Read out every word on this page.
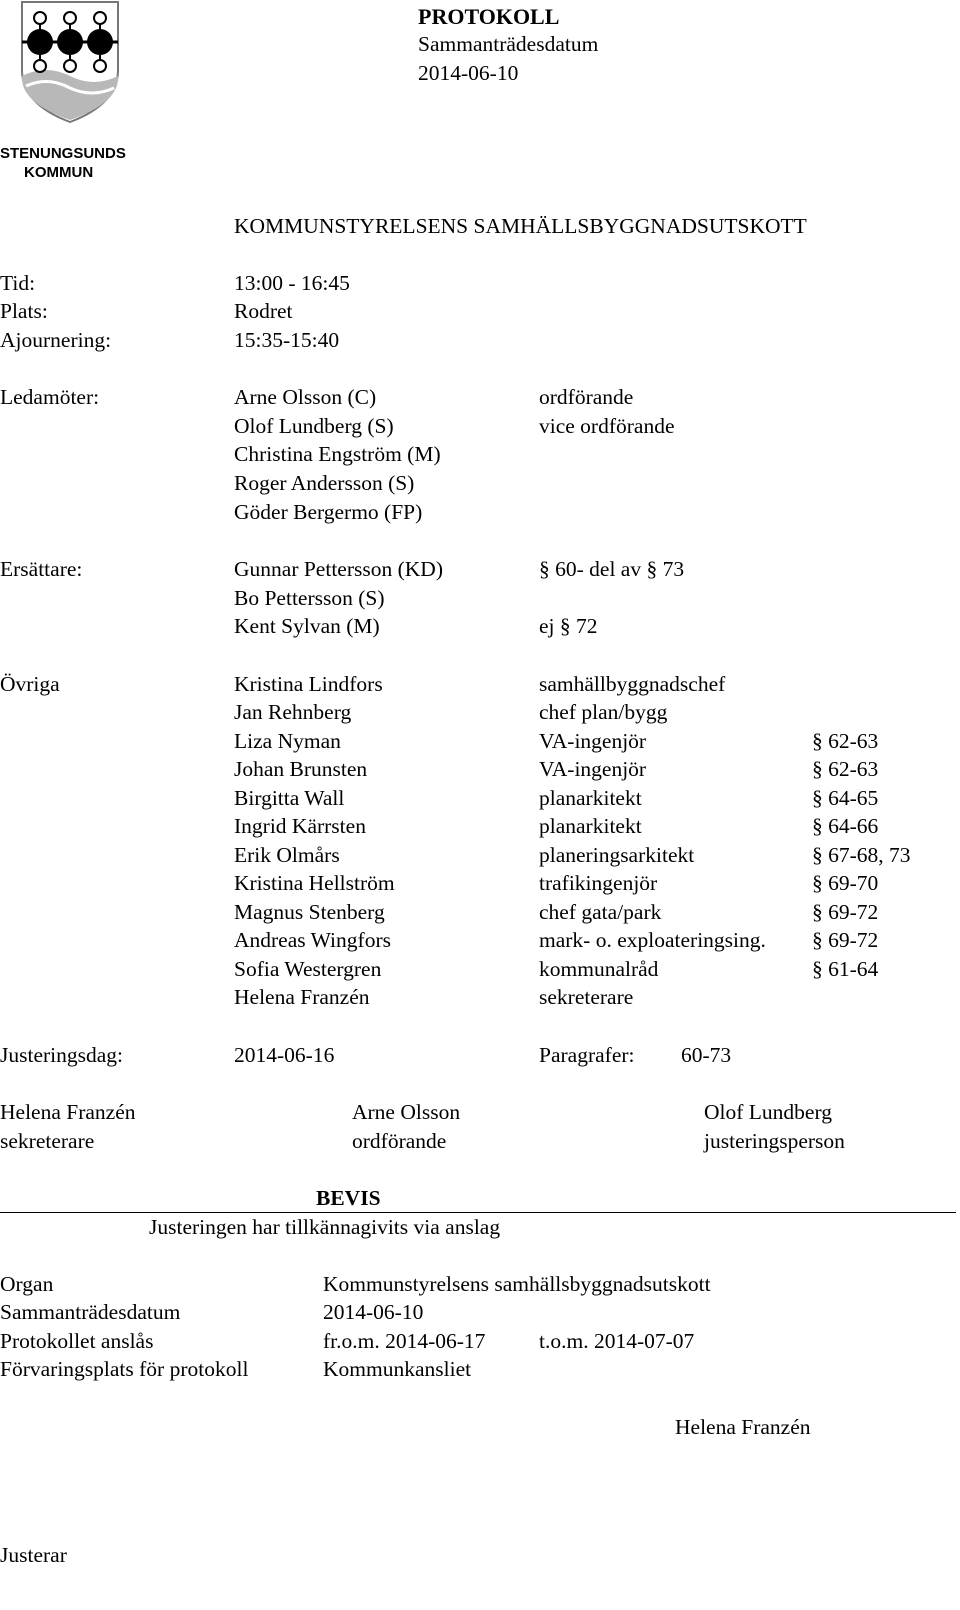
PROTOKOLL
Sammanträdesdatum
2014-06-10
STENUNGSUNDS
KOMMUN
KOMMUNSTYRELSENS SAMHÄLLSBYGGNADSUTSKOTT
Tid:	13:00 - 16:45
Plats:	Rodret
Ajournering:	15:35-15:40
Ledamöter:	Arne Olsson (C)	ordförande
Olof Lundberg (S)	vice ordförande
Christina Engström (M)
Roger Andersson (S)
Göder Bergermo (FP)
Ersättare:	Gunnar Pettersson (KD)	§ 60- del av § 73
Bo Pettersson (S)
Kent Sylvan (M)	ej § 72
Övriga	Kristina Lindfors	samhällbyggnadschef
Jan Rehnberg	chef plan/bygg
Liza Nyman	VA-ingenjör	§ 62-63
Johan Brunsten	VA-ingenjör	§ 62-63
Birgitta Wall	planarkitekt	§ 64-65
Ingrid Kärrsten	planarkitekt	§ 64-66
Erik Olmårs	planeringsarkitekt	§ 67-68, 73
Kristina Hellström	trafikingenjör	§ 69-70
Magnus Stenberg	chef gata/park	§ 69-72
Andreas Wingfors	mark- o. exploateringsing. § 69-72
Sofia Westergren	kommunalråd	§ 61-64
Helena Franzén	sekreterare
Justeringsdag:	2014-06-16	Paragrafer: 60-73
Helena Franzén
sekreterare
Arne Olsson
ordförande
Olof Lundberg
justeringsperson
BEVIS
Justeringen har tillkännagivits via anslag
Organ	Kommunstyrelsens samhällsbyggnadsutskott
Sammanträdesdatum	2014-06-10
Protokollet anslås	fr.o.m. 2014-06-17 t.o.m. 2014-07-07
Förvaringsplats för protokoll	Kommunkansliet
Helena Franzén
Justerar
